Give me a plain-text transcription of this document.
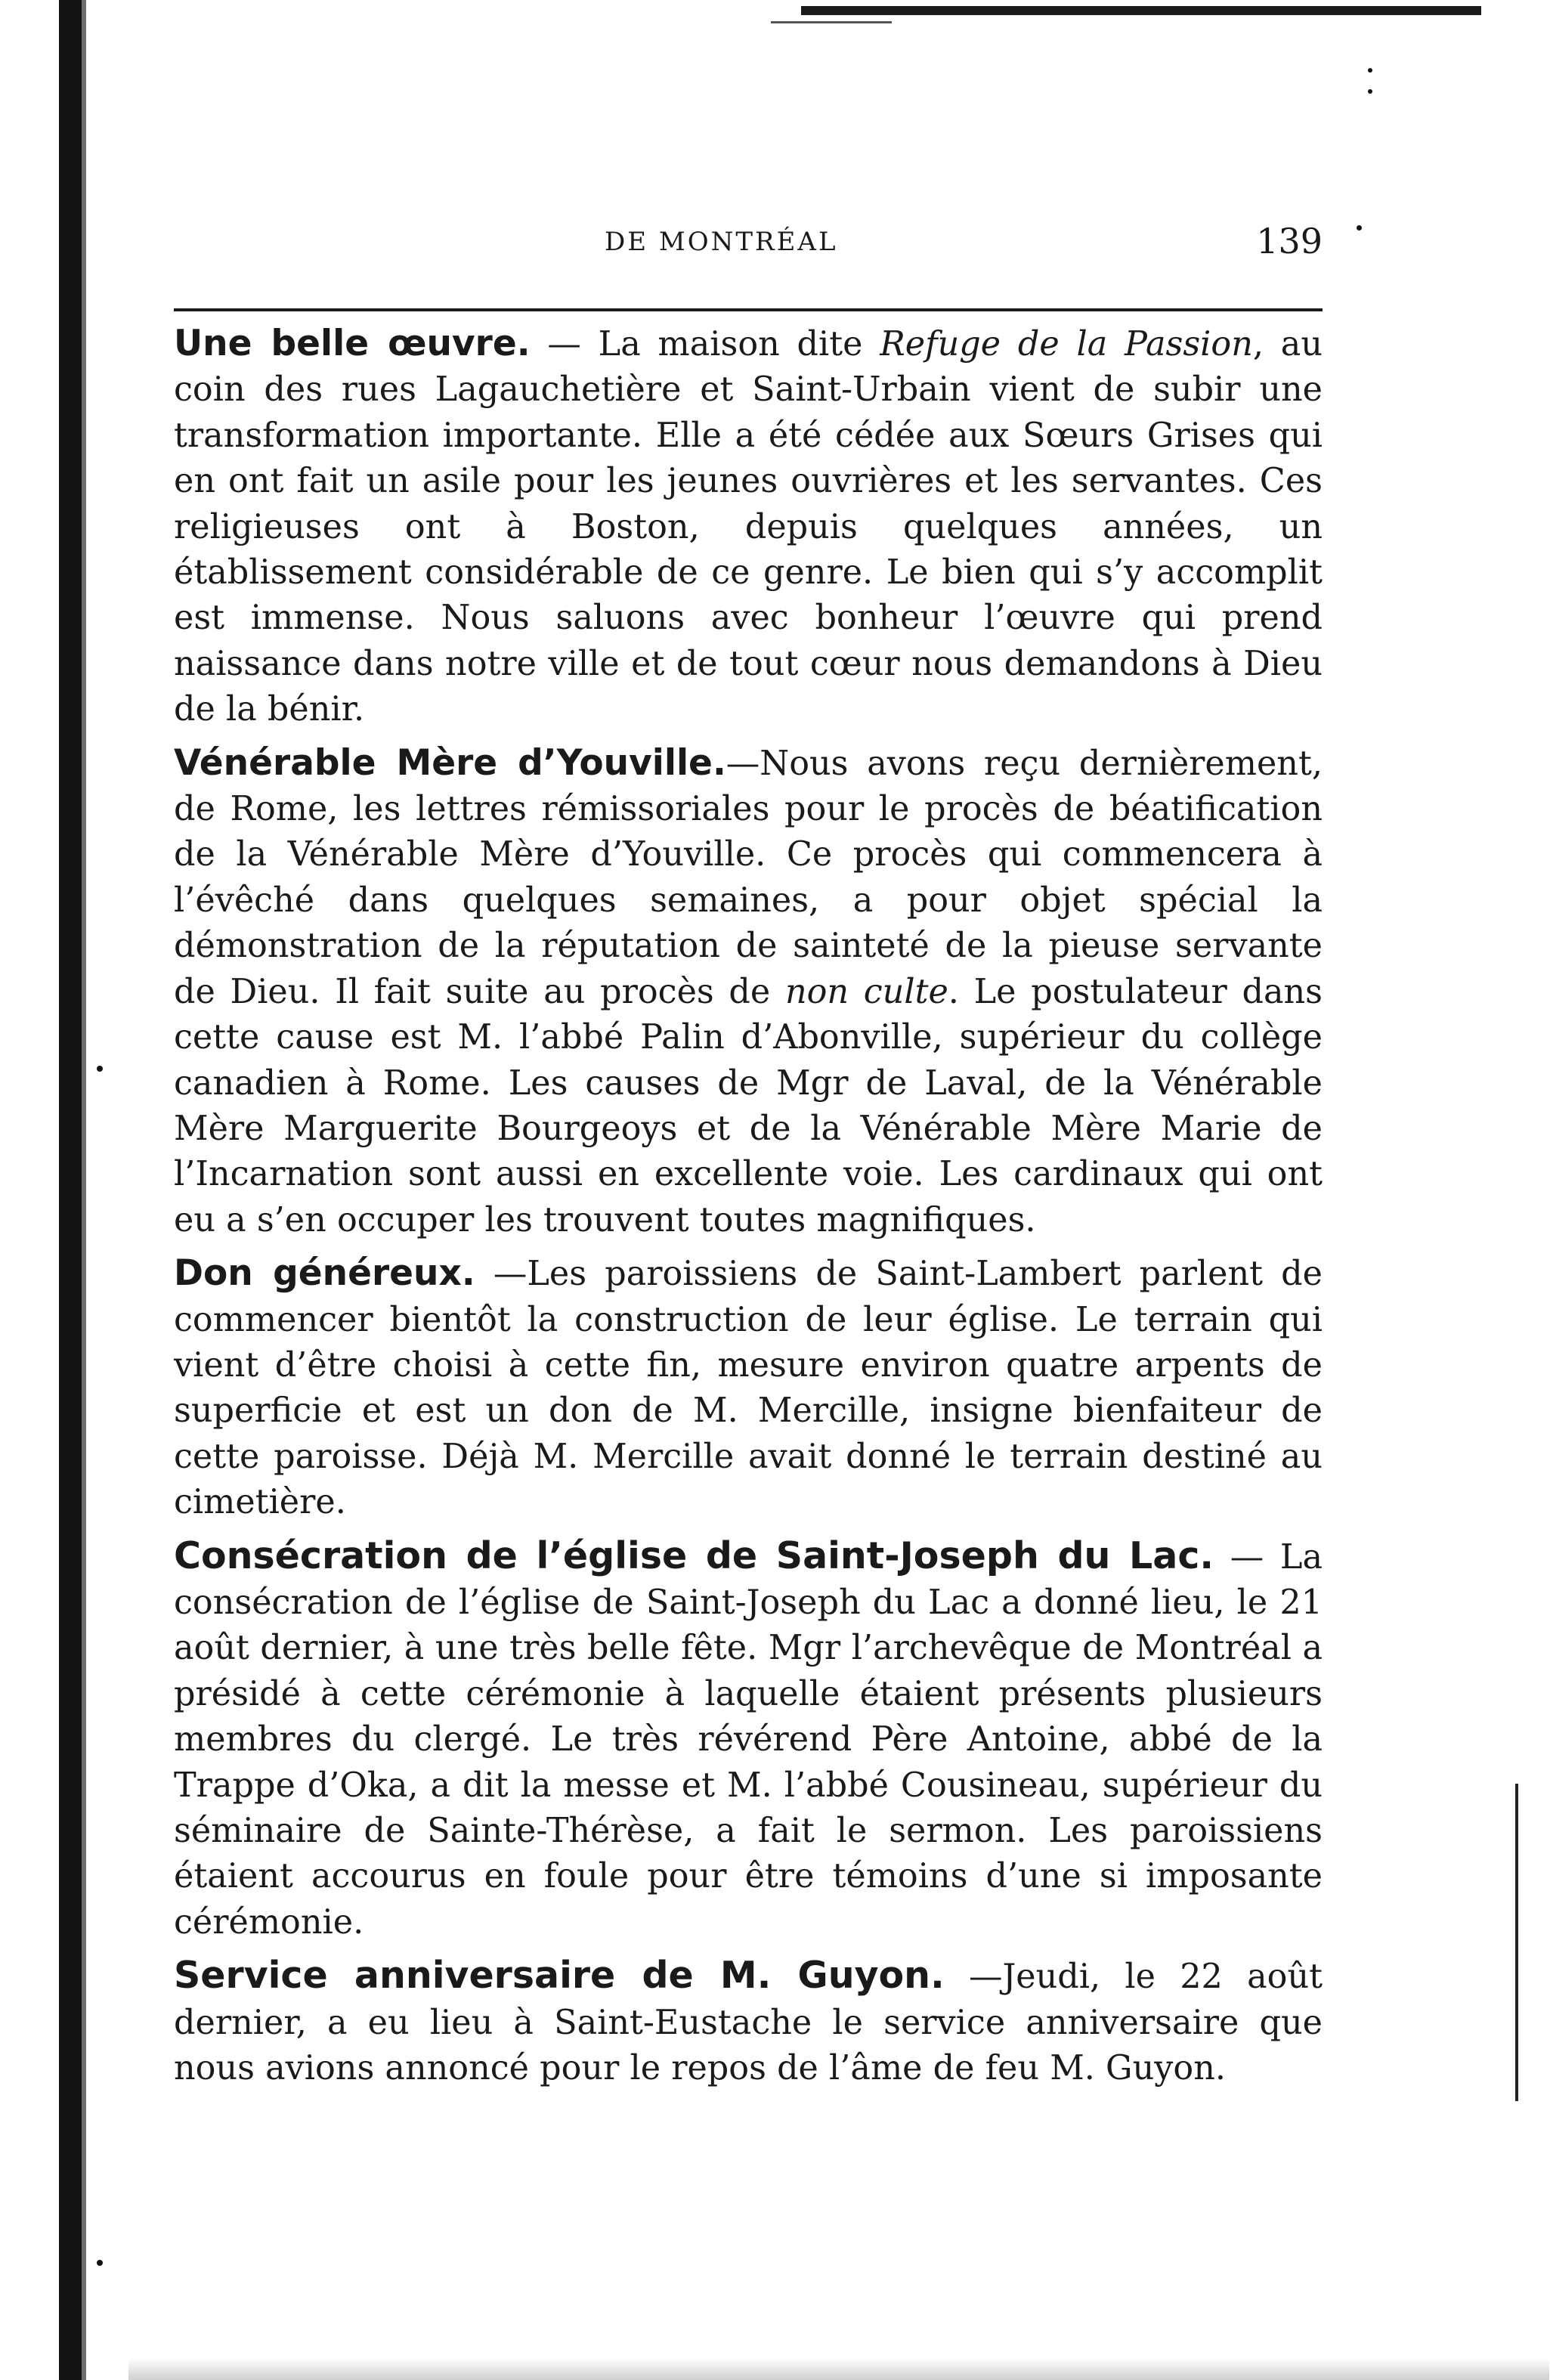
DE MONTRÉAL	139

Une belle œuvre. — La maison dite Refuge de la Passion, au coin des rues Lagauchetière et Saint-Urbain vient de subir une transformation importante. Elle a été cédée aux Sœurs Grises qui en ont fait un asile pour les jeunes ouvrières et les servantes. Ces religieuses ont à Boston, depuis quelques années, un établissement considérable de ce genre. Le bien qui s’y accomplit est immense. Nous saluons avec bonheur l’œuvre qui prend naissance dans notre ville et de tout cœur nous demandons à Dieu de la bénir.

Vénérable Mère d’Youville.—Nous avons reçu dernièrement, de Rome, les lettres rémissoriales pour le procès de béatification de la Vénérable Mère d’Youville. Ce procès qui commencera à l’évêché dans quelques semaines, a pour objet spécial la démonstration de la réputation de sainteté de la pieuse servante de Dieu. Il fait suite au procès de non culte. Le postulateur dans cette cause est M. l’abbé Palin d’Abonville, supérieur du collège canadien à Rome. Les causes de Mgr de Laval, de la Vénérable Mère Marguerite Bourgeoys et de la Vénérable Mère Marie de l’Incarnation sont aussi en excellente voie. Les cardinaux qui ont eu a s’en occuper les trouvent toutes magnifiques.

Don généreux. —Les paroissiens de Saint-Lambert parlent de commencer bientôt la construction de leur église. Le terrain qui vient d’être choisi à cette fin, mesure environ quatre arpents de superficie et est un don de M. Mercille, insigne bienfaiteur de cette paroisse. Déjà M. Mercille avait donné le terrain destiné au cimetière.

Consécration de l’église de Saint-Joseph du Lac. — La consécration de l’église de Saint-Joseph du Lac a donné lieu, le 21 août dernier, à une très belle fête. Mgr l’archevêque de Montréal a présidé à cette cérémonie à laquelle étaient présents plusieurs membres du clergé. Le très révérend Père Antoine, abbé de la Trappe d’Oka, a dit la messe et M. l’abbé Cousineau, supérieur du séminaire de Sainte-Thérèse, a fait le sermon. Les paroissiens étaient accourus en foule pour être témoins d’une si imposante cérémonie.

Service anniversaire de M. Guyon. —Jeudi, le 22 août dernier, a eu lieu à Saint-Eustache le service anniversaire que nous avions annoncé pour le repos de l’âme de feu M. Guyon.
